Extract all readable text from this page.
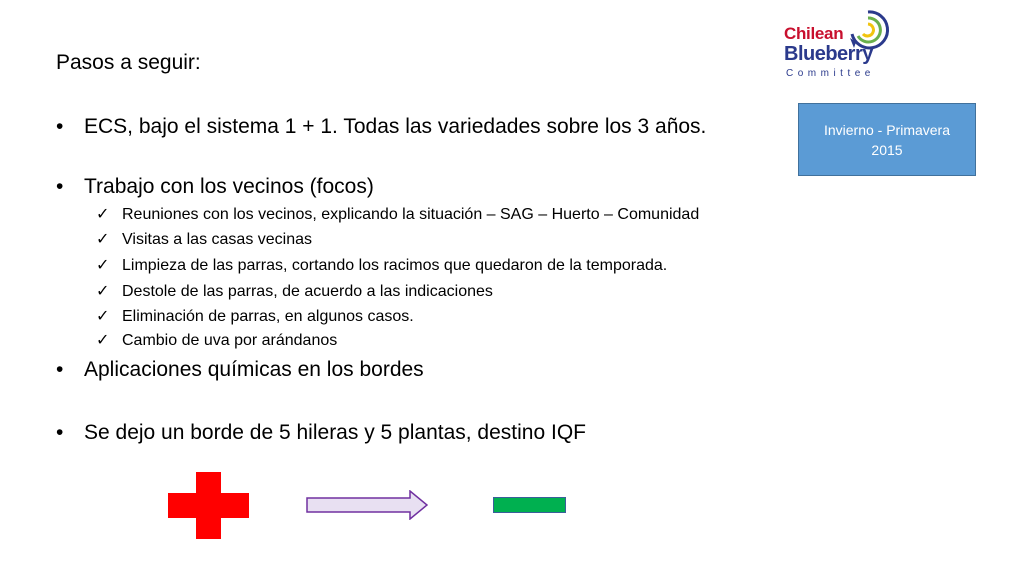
Chilean
Blueberry
Committee
Invierno - Primavera
2015
Pasos a seguir:
• ECS, bajo el sistema 1 + 1. Todas las variedades sobre los 3 años.
• Trabajo con los vecinos (focos)
✓ Reuniones con los vecinos, explicando la situación – SAG – Huerto – Comunidad
✓ Visitas a las casas vecinas
✓ Limpieza de las parras, cortando los racimos que quedaron de la temporada.
✓ Destole de las parras, de acuerdo a las indicaciones
✓ Eliminación de parras, en algunos casos.
✓ Cambio de uva por arándanos
• Aplicaciones químicas en los bordes
• Se dejo un borde de 5 hileras y 5 plantas, destino IQF
